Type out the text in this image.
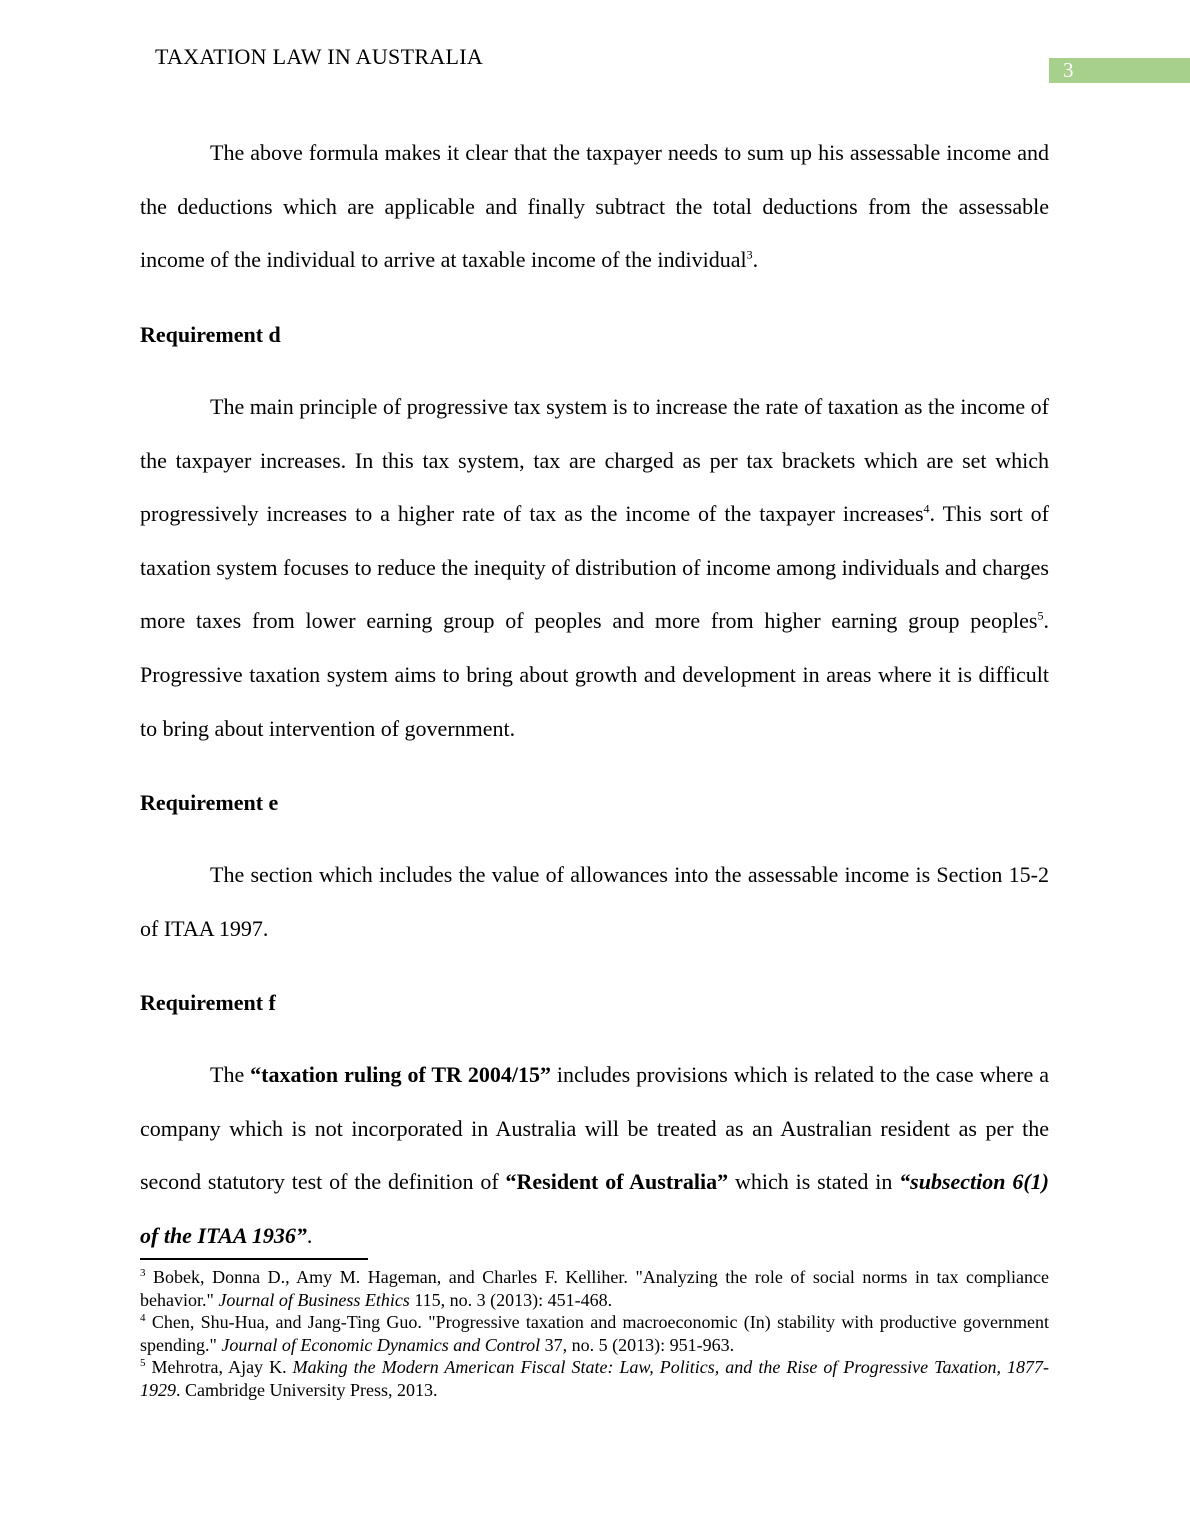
TAXATION LAW IN AUSTRALIA
3
The above formula makes it clear that the taxpayer needs to sum up his assessable income and the deductions which are applicable and finally subtract the total deductions from the assessable income of the individual to arrive at taxable income of the individual$^3$.
Requirement d
The main principle of progressive tax system is to increase the rate of taxation as the income of the taxpayer increases. In this tax system, tax are charged as per tax brackets which are set which progressively increases to a higher rate of tax as the income of the taxpayer increases$^4$. This sort of taxation system focuses to reduce the inequity of distribution of income among individuals and charges more taxes from lower earning group of peoples and more from higher earning group peoples$^5$. Progressive taxation system aims to bring about growth and development in areas where it is difficult to bring about intervention of government.
Requirement e
The section which includes the value of allowances into the assessable income is Section 15-2 of ITAA 1997.
Requirement f
The “taxation ruling of TR 2004/15” includes provisions which is related to the case where a company which is not incorporated in Australia will be treated as an Australian resident as per the second statutory test of the definition of “Resident of Australia” which is stated in “subsection 6(1) of the ITAA 1936”.
$^3$ Bobek, Donna D., Amy M. Hageman, and Charles F. Kelliher. "Analyzing the role of social norms in tax compliance behavior." Journal of Business Ethics 115, no. 3 (2013): 451-468.
$^4$ Chen, Shu-Hua, and Jang-Ting Guo. "Progressive taxation and macroeconomic (In) stability with productive government spending." Journal of Economic Dynamics and Control 37, no. 5 (2013): 951-963.
$^5$ Mehrotra, Ajay K. Making the Modern American Fiscal State: Law, Politics, and the Rise of Progressive Taxation, 1877-1929. Cambridge University Press, 2013.
